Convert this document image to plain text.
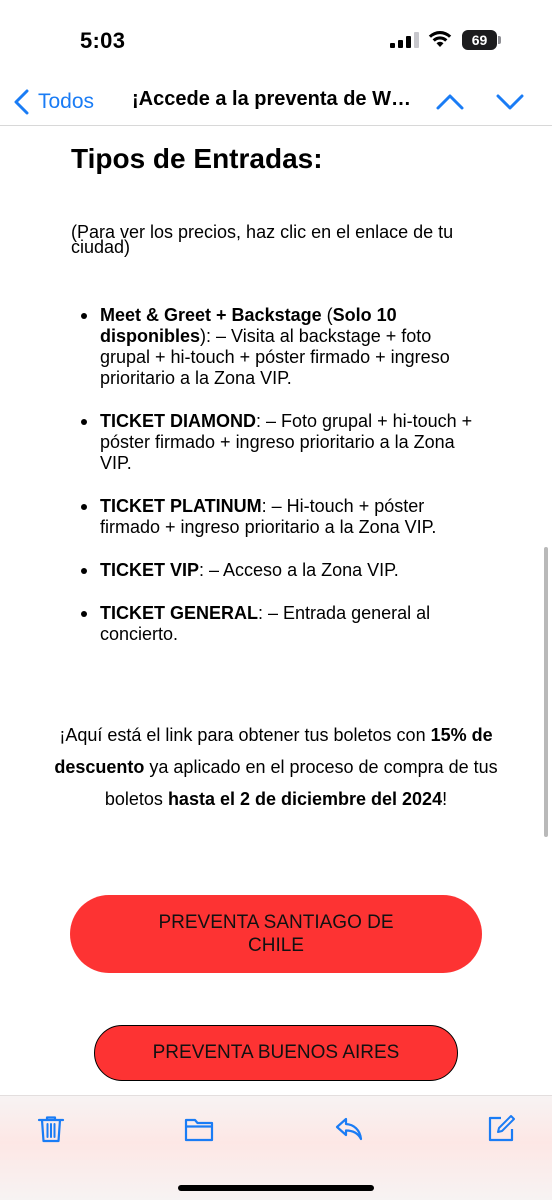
5:03	69
Todos ¡Accede a la preventa de W…
Tipos de Entradas:

(Para ver los precios, haz clic en el enlace de tu ciudad)

Meet & Greet + Backstage (Solo 10 disponibles): – Visita al backstage + foto grupal + hi-touch + póster firmado + ingreso prioritario a la Zona VIP.
TICKET DIAMOND: – Foto grupal + hi-touch + póster firmado + ingreso prioritario a la Zona VIP.
TICKET PLATINUM: – Hi-touch + póster firmado + ingreso prioritario a la Zona VIP.
TICKET VIP: – Acceso a la Zona VIP.
TICKET GENERAL: – Entrada general al concierto.

¡Aquí está el link para obtener tus boletos con 15% de descuento ya aplicado en el proceso de compra de tus boletos hasta el 2 de diciembre del 2024!

PREVENTA SANTIAGO DE CHILE
PREVENTA BUENOS AIRES
